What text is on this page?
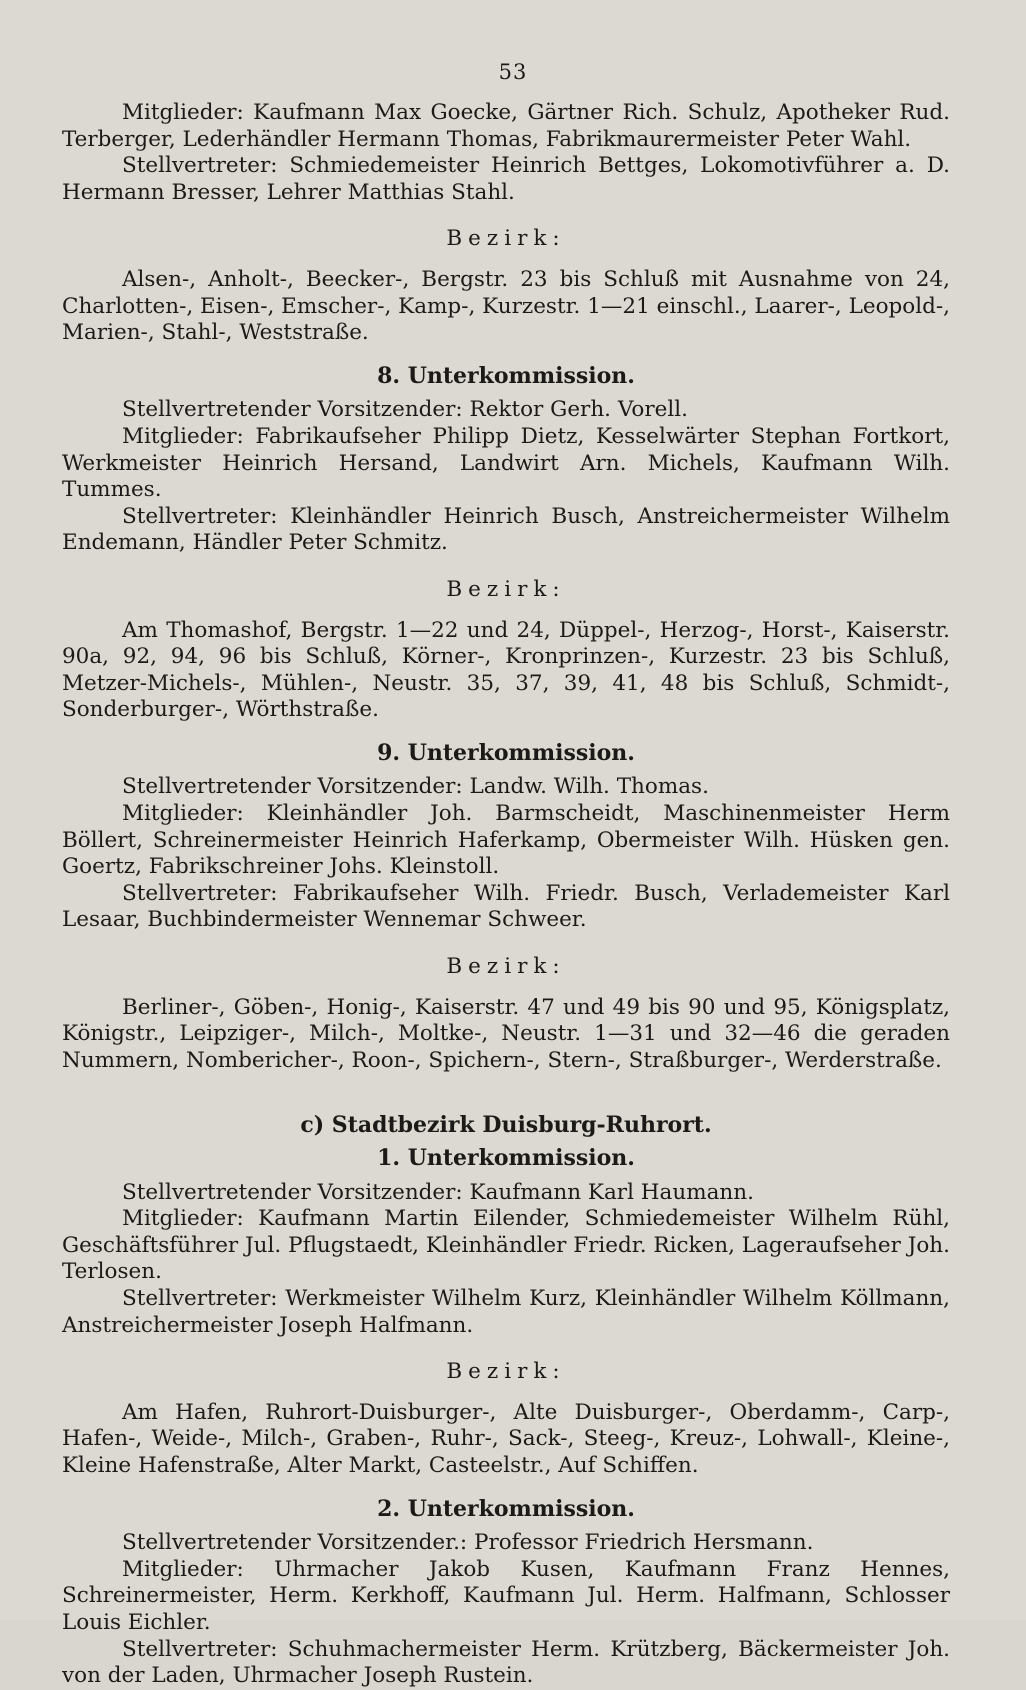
53

Mitglieder: Kaufmann Max Goecke, Gärtner Rich. Schulz, Apotheker Rud. Terberger, Lederhändler Hermann Thomas, Fabrikmaurermeister Peter Wahl.

Stellvertreter: Schmiedemeister Heinrich Bettges, Lokomotivführer a. D. Hermann Bresser, Lehrer Matthias Stahl.

Bezirk:

Alsen-, Anholt-, Beecker-, Bergstr. 23 bis Schluß mit Ausnahme von 24, Charlotten-, Eisen-, Emscher-, Kamp-, Kurzestr. 1—21 einschl., Laarer-, Leopold-, Marien-, Stahl-, Weststraße.

8. Unterkommission.

Stellvertretender Vorsitzender: Rektor Gerh. Vorell.

Mitglieder: Fabrikaufseher Philipp Dietz, Kesselwärter Stephan Fortkort, Werkmeister Heinrich Hersand, Landwirt Arn. Michels, Kaufmann Wilh. Tummes.

Stellvertreter: Kleinhändler Heinrich Busch, Anstreichermeister Wilhelm Endemann, Händler Peter Schmitz.

Bezirk:

Am Thomashof, Bergstr. 1—22 und 24, Düppel-, Herzog-, Horst-, Kaiserstr. 90a, 92, 94, 96 bis Schluß, Körner-, Kronprinzen-, Kurzestr. 23 bis Schluß, Metzer-Michels-, Mühlen-, Neustr. 35, 37, 39, 41, 48 bis Schluß, Schmidt-, Sonderburger-, Wörthstraße.

9. Unterkommission.

Stellvertretender Vorsitzender: Landw. Wilh. Thomas.

Mitglieder: Kleinhändler Joh. Barmscheidt, Maschinenmeister Herm Böllert, Schreinermeister Heinrich Haferkamp, Obermeister Wilh. Hüsken gen. Goertz, Fabrikschreiner Johs. Kleinstoll.

Stellvertreter: Fabrikaufseher Wilh. Friedr. Busch, Verlademeister Karl Lesaar, Buchbindermeister Wennemar Schweer.

Bezirk:

Berliner-, Göben-, Honig-, Kaiserstr. 47 und 49 bis 90 und 95, Königsplatz, Königstr., Leipziger-, Milch-, Moltke-, Neustr. 1—31 und 32—46 die geraden Nummern, Nombericher-, Roon-, Spichern-, Stern-, Straßburger-, Werderstraße.

c) Stadtbezirk Duisburg-Ruhrort.

1. Unterkommission.

Stellvertretender Vorsitzender: Kaufmann Karl Haumann.

Mitglieder: Kaufmann Martin Eilender, Schmiedemeister Wilhelm Rühl, Geschäftsführer Jul. Pflugstaedt, Kleinhändler Friedr. Ricken, Lageraufseher Joh. Terlosen.

Stellvertreter: Werkmeister Wilhelm Kurz, Kleinhändler Wilhelm Köllmann, Anstreichermeister Joseph Halfmann.

Bezirk:

Am Hafen, Ruhrort-Duisburger-, Alte Duisburger-, Oberdamm-, Carp-, Hafen-, Weide-, Milch-, Graben-, Ruhr-, Sack-, Steeg-, Kreuz-, Lohwall-, Kleine-, Kleine Hafenstraße, Alter Markt, Casteelstr., Auf Schiffen.

2. Unterkommission.

Stellvertretender Vorsitzender.: Professor Friedrich Hersmann.

Mitglieder: Uhrmacher Jakob Kusen, Kaufmann Franz Hennes, Schreinermeister, Herm. Kerkhoff, Kaufmann Jul. Herm. Halfmann, Schlosser Louis Eichler.

Stellvertreter: Schuhmachermeister Herm. Krützberg, Bäckermeister Joh. von der Laden, Uhrmacher Joseph Rustein.
